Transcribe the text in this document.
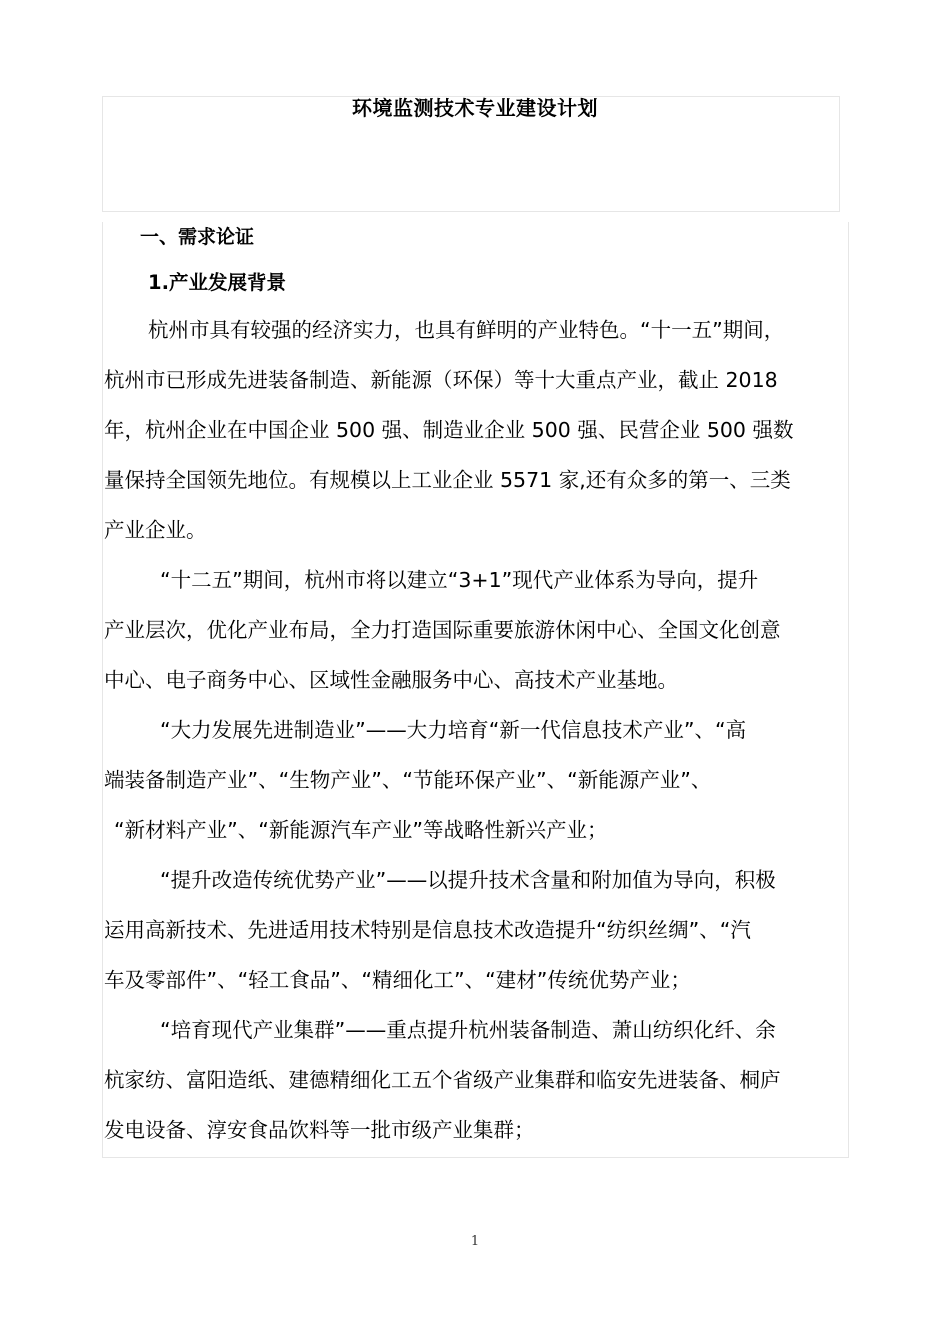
环境监测技术专业建设计划
一、需求论证
1.产业发展背景
杭州市具有较强的经济实力，也具有鲜明的产业特色。“十一五”期间，
杭州市已形成先进装备制造、新能源（环保）等十大重点产业，截止 2018
年，杭州企业在中国企业 500 强、制造业企业 500 强、民营企业 500 强数
量保持全国领先地位。有规模以上工业企业 5571 家,还有众多的第一、三类
产业企业。
“十二五”期间，杭州市将以建立“3+1”现代产业体系为导向，提升
产业层次，优化产业布局，全力打造国际重要旅游休闲中心、全国文化创意
中心、电子商务中心、区域性金融服务中心、高技术产业基地。
“大力发展先进制造业”——大力培育“新一代信息技术产业”、“高
端装备制造产业”、“生物产业”、“节能环保产业”、“新能源产业”、
“新材料产业”、“新能源汽车产业”等战略性新兴产业；
“提升改造传统优势产业”——以提升技术含量和附加值为导向，积极
运用高新技术、先进适用技术特别是信息技术改造提升“纺织丝绸”、“汽
车及零部件”、“轻工食品”、“精细化工”、“建材”传统优势产业；
“培育现代产业集群”——重点提升杭州装备制造、萧山纺织化纤、余
杭家纺、富阳造纸、建德精细化工五个省级产业集群和临安先进装备、桐庐
发电设备、淳安食品饮料等一批市级产业集群；
1
